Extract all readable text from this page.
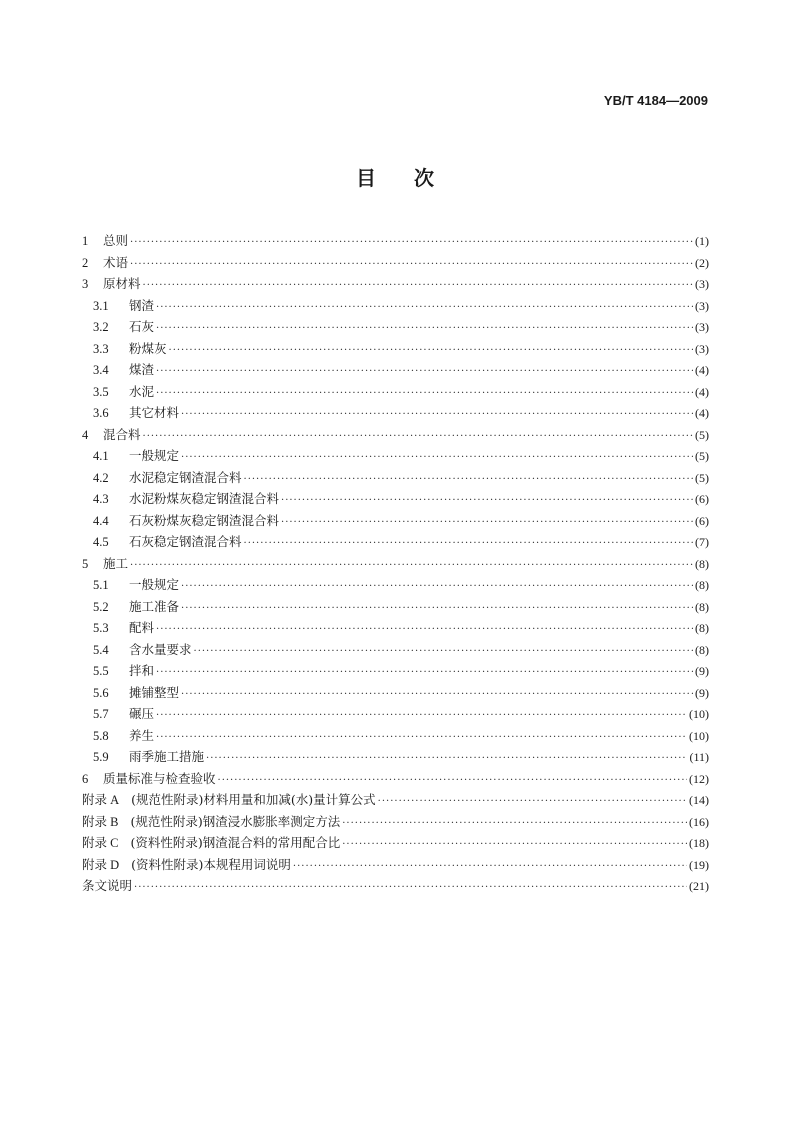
YB/T 4184—2009
目次
1	总则 ·····	(1)
2	术语 ·····	(2)
3	原材料 ·····	(3)
3.1	钢渣 ·····	(3)
3.2	石灰 ·····	(3)
3.3	粉煤灰 ·····	(3)
3.4	煤渣 ·····	(4)
3.5	水泥 ·····	(4)
3.6	其它材料 ·····	(4)
4	混合料 ·····	(5)
4.1	一般规定 ·····	(5)
4.2	水泥稳定钢渣混合料 ·····	(5)
4.3	水泥粉煤灰稳定钢渣混合料 ·····	(6)
4.4	石灰粉煤灰稳定钢渣混合料 ·····	(6)
4.5	石灰稳定钢渣混合料 ·····	(7)
5	施工 ·····	(8)
5.1	一般规定 ·····	(8)
5.2	施工准备 ·····	(8)
5.3	配料 ·····	(8)
5.4	含水量要求 ·····	(8)
5.5	拌和 ·····	(9)
5.6	摊铺整型 ·····	(9)
5.7	碾压 ·····	(10)
5.8	养生 ·····	(10)
5.9	雨季施工措施 ·····	(11)
6	质量标准与检查验收 ·····	(12)
附录 A (规范性附录)材料用量和加减(水)量计算公式 ·····	(14)
附录 B (规范性附录)钢渣浸水膨胀率测定方法 ·····	(16)
附录 C (资料性附录)钢渣混合料的常用配合比 ·····	(18)
附录 D (资料性附录)本规程用词说明 ·····	(19)
条文说明 ·····	(21)
